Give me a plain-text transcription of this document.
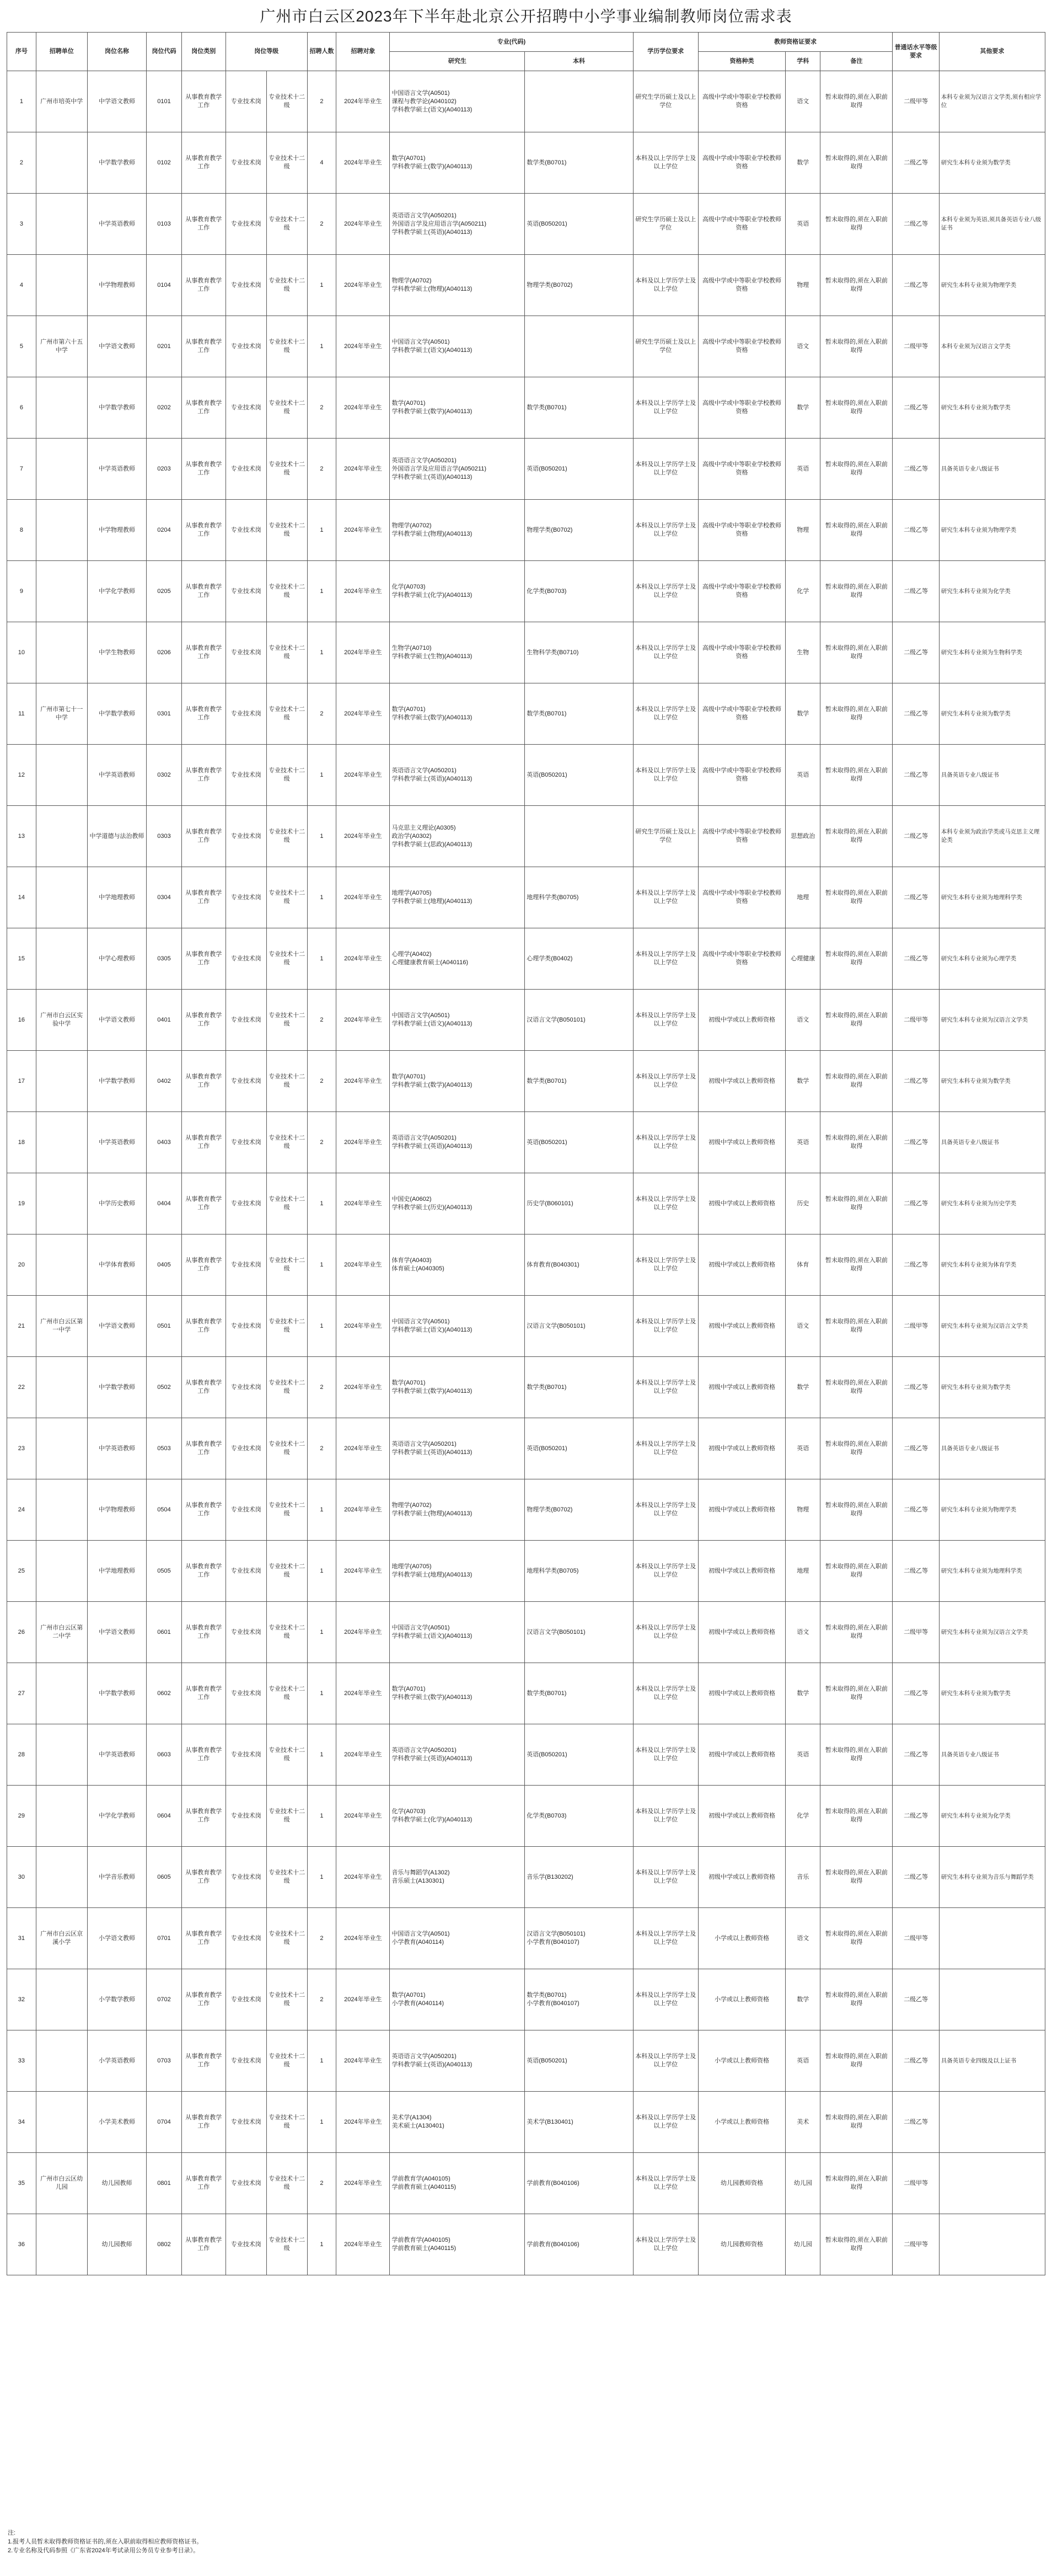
广州市白云区2023年下半年赴北京公开招聘中小学事业编制教师岗位需求表
序号	招聘单位	岗位名称	岗位代码	岗位类别	岗位等级		招聘人数	招聘对象	专业(代码)		学历学位要求	教师资格证要求			普通话水平等级要求	其他要求
									研究生	本科		资格种类	学科	备注		
1	广州市培英中学	中学语文教师	0101	从事教育教学工作	专业技术岗	专业技术十二级	2	2024年毕业生	中国语言文学(A0501)
课程与教学论(A040102)
学科教学硕士(语文)(A040113)		研究生学历硕士及以上学位	高级中学或中等职业学校教师资格	语文	暂未取得的,须在入职前取得	二级甲等	本科专业须为汉语言文学类,须有相应学位
2		中学数学教师	0102	从事教育教学工作	专业技术岗	专业技术十二级	4	2024年毕业生	数学(A0701)
学科教学硕士(数学)(A040113)	数学类(B0701)	本科及以上学历学士及以上学位	高级中学或中等职业学校教师资格	数学	暂未取得的,须在入职前取得	二级乙等	研究生本科专业须为数学类
3		中学英语教师	0103	从事教育教学工作	专业技术岗	专业技术十二级	2	2024年毕业生	英语语言文学(A050201)
外国语言学及应用语言学(A050211)
学科教学硕士(英语)(A040113)	英语(B050201)	研究生学历硕士及以上学位	高级中学或中等职业学校教师资格	英语	暂未取得的,须在入职前取得	二级乙等	本科专业须为英语,须具备英语专业八级证书
4		中学物理教师	0104	从事教育教学工作	专业技术岗	专业技术十二级	1	2024年毕业生	物理学(A0702)
学科教学硕士(物理)(A040113)	物理学类(B0702)	本科及以上学历学士及以上学位	高级中学或中等职业学校教师资格	物理	暂未取得的,须在入职前取得	二级乙等	研究生本科专业须为物理学类
5	广州市第六十五中学	中学语文教师	0201	从事教育教学工作	专业技术岗	专业技术十二级	1	2024年毕业生	中国语言文学(A0501)
学科教学硕士(语文)(A040113)		研究生学历硕士及以上学位	高级中学或中等职业学校教师资格	语文	暂未取得的,须在入职前取得	二级甲等	本科专业须为汉语言文学类
6		中学数学教师	0202	从事教育教学工作	专业技术岗	专业技术十二级	2	2024年毕业生	数学(A0701)
学科教学硕士(数学)(A040113)	数学类(B0701)	本科及以上学历学士及以上学位	高级中学或中等职业学校教师资格	数学	暂未取得的,须在入职前取得	二级乙等	研究生本科专业须为数学类
7		中学英语教师	0203	从事教育教学工作	专业技术岗	专业技术十二级	2	2024年毕业生	英语语言文学(A050201)
外国语言学及应用语言学(A050211)
学科教学硕士(英语)(A040113)	英语(B050201)	本科及以上学历学士及以上学位	高级中学或中等职业学校教师资格	英语	暂未取得的,须在入职前取得	二级乙等	具备英语专业八级证书
8		中学物理教师	0204	从事教育教学工作	专业技术岗	专业技术十二级	1	2024年毕业生	物理学(A0702)
学科教学硕士(物理)(A040113)	物理学类(B0702)	本科及以上学历学士及以上学位	高级中学或中等职业学校教师资格	物理	暂未取得的,须在入职前取得	二级乙等	研究生本科专业须为物理学类
9		中学化学教师	0205	从事教育教学工作	专业技术岗	专业技术十二级	1	2024年毕业生	化学(A0703)
学科教学硕士(化学)(A040113)	化学类(B0703)	本科及以上学历学士及以上学位	高级中学或中等职业学校教师资格	化学	暂未取得的,须在入职前取得	二级乙等	研究生本科专业须为化学类
10		中学生物教师	0206	从事教育教学工作	专业技术岗	专业技术十二级	1	2024年毕业生	生物学(A0710)
学科教学硕士(生物)(A040113)	生物科学类(B0710)	本科及以上学历学士及以上学位	高级中学或中等职业学校教师资格	生物	暂未取得的,须在入职前取得	二级乙等	研究生本科专业须为生物科学类
11	广州市第七十一中学	中学数学教师	0301	从事教育教学工作	专业技术岗	专业技术十二级	2	2024年毕业生	数学(A0701)
学科教学硕士(数学)(A040113)	数学类(B0701)	本科及以上学历学士及以上学位	高级中学或中等职业学校教师资格	数学	暂未取得的,须在入职前取得	二级乙等	研究生本科专业须为数学类
12		中学英语教师	0302	从事教育教学工作	专业技术岗	专业技术十二级	1	2024年毕业生	英语语言文学(A050201)
学科教学硕士(英语)(A040113)	英语(B050201)	本科及以上学历学士及以上学位	高级中学或中等职业学校教师资格	英语	暂未取得的,须在入职前取得	二级乙等	具备英语专业八级证书
13		中学道德与法治教师	0303	从事教育教学工作	专业技术岗	专业技术十二级	1	2024年毕业生	马克思主义理论(A0305)
政治学(A0302)
学科教学硕士(思政)(A040113)		研究生学历硕士及以上学位	高级中学或中等职业学校教师资格	思想政治	暂未取得的,须在入职前取得	二级乙等	本科专业须为政治学类或马克思主义理论类
14		中学地理教师	0304	从事教育教学工作	专业技术岗	专业技术十二级	1	2024年毕业生	地理学(A0705)
学科教学硕士(地理)(A040113)	地理科学类(B0705)	本科及以上学历学士及以上学位	高级中学或中等职业学校教师资格	地理	暂未取得的,须在入职前取得	二级乙等	研究生本科专业须为地理科学类
15		中学心理教师	0305	从事教育教学工作	专业技术岗	专业技术十二级	1	2024年毕业生	心理学(A0402)
心理健康教育硕士(A040116)	心理学类(B0402)	本科及以上学历学士及以上学位	高级中学或中等职业学校教师资格	心理健康	暂未取得的,须在入职前取得	二级乙等	研究生本科专业须为心理学类
16	广州市白云区实验中学	中学语文教师	0401	从事教育教学工作	专业技术岗	专业技术十二级	2	2024年毕业生	中国语言文学(A0501)
学科教学硕士(语文)(A040113)	汉语言文学(B050101)	本科及以上学历学士及以上学位	初级中学或以上教师资格	语文	暂未取得的,须在入职前取得	二级甲等	研究生本科专业须为汉语言文学类
17		中学数学教师	0402	从事教育教学工作	专业技术岗	专业技术十二级	2	2024年毕业生	数学(A0701)
学科教学硕士(数学)(A040113)	数学类(B0701)	本科及以上学历学士及以上学位	初级中学或以上教师资格	数学	暂未取得的,须在入职前取得	二级乙等	研究生本科专业须为数学类
18		中学英语教师	0403	从事教育教学工作	专业技术岗	专业技术十二级	2	2024年毕业生	英语语言文学(A050201)
学科教学硕士(英语)(A040113)	英语(B050201)	本科及以上学历学士及以上学位	初级中学或以上教师资格	英语	暂未取得的,须在入职前取得	二级乙等	具备英语专业八级证书
19		中学历史教师	0404	从事教育教学工作	专业技术岗	专业技术十二级	1	2024年毕业生	中国史(A0602)
学科教学硕士(历史)(A040113)	历史学(B060101)	本科及以上学历学士及以上学位	初级中学或以上教师资格	历史	暂未取得的,须在入职前取得	二级乙等	研究生本科专业须为历史学类
20		中学体育教师	0405	从事教育教学工作	专业技术岗	专业技术十二级	1	2024年毕业生	体育学(A0403)
体育硕士(A040305)	体育教育(B040301)	本科及以上学历学士及以上学位	初级中学或以上教师资格	体育	暂未取得的,须在入职前取得	二级乙等	研究生本科专业须为体育学类
21	广州市白云区第一中学	中学语文教师	0501	从事教育教学工作	专业技术岗	专业技术十二级	1	2024年毕业生	中国语言文学(A0501)
学科教学硕士(语文)(A040113)	汉语言文学(B050101)	本科及以上学历学士及以上学位	初级中学或以上教师资格	语文	暂未取得的,须在入职前取得	二级甲等	研究生本科专业须为汉语言文学类
22		中学数学教师	0502	从事教育教学工作	专业技术岗	专业技术十二级	2	2024年毕业生	数学(A0701)
学科教学硕士(数学)(A040113)	数学类(B0701)	本科及以上学历学士及以上学位	初级中学或以上教师资格	数学	暂未取得的,须在入职前取得	二级乙等	研究生本科专业须为数学类
23		中学英语教师	0503	从事教育教学工作	专业技术岗	专业技术十二级	2	2024年毕业生	英语语言文学(A050201)
学科教学硕士(英语)(A040113)	英语(B050201)	本科及以上学历学士及以上学位	初级中学或以上教师资格	英语	暂未取得的,须在入职前取得	二级乙等	具备英语专业八级证书
24		中学物理教师	0504	从事教育教学工作	专业技术岗	专业技术十二级	1	2024年毕业生	物理学(A0702)
学科教学硕士(物理)(A040113)	物理学类(B0702)	本科及以上学历学士及以上学位	初级中学或以上教师资格	物理	暂未取得的,须在入职前取得	二级乙等	研究生本科专业须为物理学类
25		中学地理教师	0505	从事教育教学工作	专业技术岗	专业技术十二级	1	2024年毕业生	地理学(A0705)
学科教学硕士(地理)(A040113)	地理科学类(B0705)	本科及以上学历学士及以上学位	初级中学或以上教师资格	地理	暂未取得的,须在入职前取得	二级乙等	研究生本科专业须为地理科学类
26	广州市白云区第二中学	中学语文教师	0601	从事教育教学工作	专业技术岗	专业技术十二级	1	2024年毕业生	中国语言文学(A0501)
学科教学硕士(语文)(A040113)	汉语言文学(B050101)	本科及以上学历学士及以上学位	初级中学或以上教师资格	语文	暂未取得的,须在入职前取得	二级甲等	研究生本科专业须为汉语言文学类
27		中学数学教师	0602	从事教育教学工作	专业技术岗	专业技术十二级	1	2024年毕业生	数学(A0701)
学科教学硕士(数学)(A040113)	数学类(B0701)	本科及以上学历学士及以上学位	初级中学或以上教师资格	数学	暂未取得的,须在入职前取得	二级乙等	研究生本科专业须为数学类
28		中学英语教师	0603	从事教育教学工作	专业技术岗	专业技术十二级	1	2024年毕业生	英语语言文学(A050201)
学科教学硕士(英语)(A040113)	英语(B050201)	本科及以上学历学士及以上学位	初级中学或以上教师资格	英语	暂未取得的,须在入职前取得	二级乙等	具备英语专业八级证书
29		中学化学教师	0604	从事教育教学工作	专业技术岗	专业技术十二级	1	2024年毕业生	化学(A0703)
学科教学硕士(化学)(A040113)	化学类(B0703)	本科及以上学历学士及以上学位	初级中学或以上教师资格	化学	暂未取得的,须在入职前取得	二级乙等	研究生本科专业须为化学类
30		中学音乐教师	0605	从事教育教学工作	专业技术岗	专业技术十二级	1	2024年毕业生	音乐与舞蹈学(A1302)
音乐硕士(A130301)	音乐学(B130202)	本科及以上学历学士及以上学位	初级中学或以上教师资格	音乐	暂未取得的,须在入职前取得	二级乙等	研究生本科专业须为音乐与舞蹈学类
31	广州市白云区京溪小学	小学语文教师	0701	从事教育教学工作	专业技术岗	专业技术十二级	2	2024年毕业生	中国语言文学(A0501)
小学教育(A040114)	汉语言文学(B050101)
小学教育(B040107)	本科及以上学历学士及以上学位	小学或以上教师资格	语文	暂未取得的,须在入职前取得	二级甲等	
32		小学数学教师	0702	从事教育教学工作	专业技术岗	专业技术十二级	2	2024年毕业生	数学(A0701)
小学教育(A040114)	数学类(B0701)
小学教育(B040107)	本科及以上学历学士及以上学位	小学或以上教师资格	数学	暂未取得的,须在入职前取得	二级乙等	
33		小学英语教师	0703	从事教育教学工作	专业技术岗	专业技术十二级	1	2024年毕业生	英语语言文学(A050201)
学科教学硕士(英语)(A040113)	英语(B050201)	本科及以上学历学士及以上学位	小学或以上教师资格	英语	暂未取得的,须在入职前取得	二级乙等	具备英语专业四级及以上证书
34		小学美术教师	0704	从事教育教学工作	专业技术岗	专业技术十二级	1	2024年毕业生	美术学(A1304)
美术硕士(A130401)	美术学(B130401)	本科及以上学历学士及以上学位	小学或以上教师资格	美术	暂未取得的,须在入职前取得	二级乙等	
35	广州市白云区幼儿园	幼儿园教师	0801	从事教育教学工作	专业技术岗	专业技术十二级	2	2024年毕业生	学前教育学(A040105)
学前教育硕士(A040115)	学前教育(B040106)	本科及以上学历学士及以上学位	幼儿园教师资格	幼儿园	暂未取得的,须在入职前取得	二级甲等	
36		幼儿园教师	0802	从事教育教学工作	专业技术岗	专业技术十二级	1	2024年毕业生	学前教育学(A040105)
学前教育硕士(A040115)	学前教育(B040106)	本科及以上学历学士及以上学位	幼儿园教师资格	幼儿园	暂未取得的,须在入职前取得	二级甲等	
注:
1.报考人员暂未取得教师资格证书的,须在入职前取得相应教师资格证书。
2.专业名称及代码参照《广东省2024年考试录用公务员专业参考目录》。
